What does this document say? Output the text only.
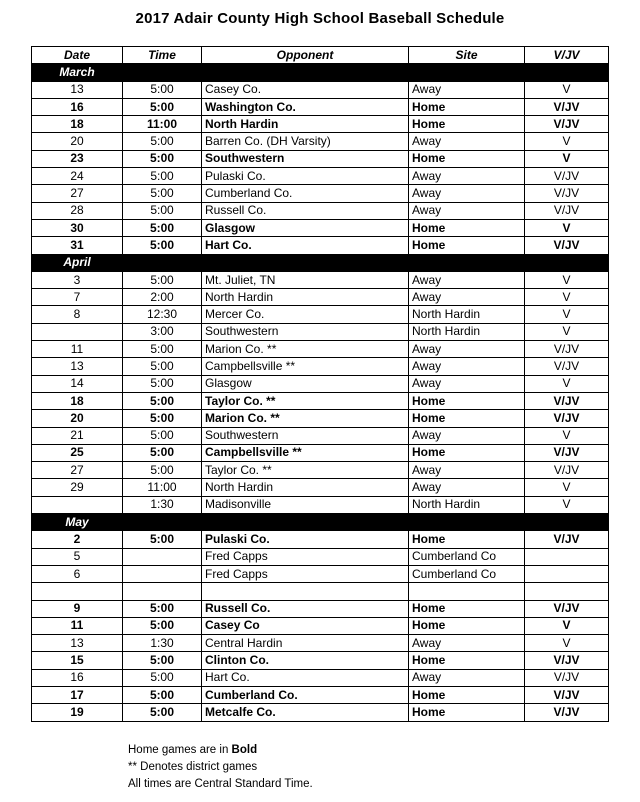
2017 Adair County High School Baseball Schedule
Date	Time	Opponent	Site	V/JV
March				
13	5:00	Casey Co.	Away	V
16	5:00	Washington Co.	Home	V/JV
18	11:00	North Hardin	Home	V/JV
20	5:00	Barren Co. (DH Varsity)	Away	V
23	5:00	Southwestern	Home	V
24	5:00	Pulaski Co.	Away	V/JV
27	5:00	Cumberland Co.	Away	V/JV
28	5:00	Russell Co.	Away	V/JV
30	5:00	Glasgow	Home	V
31	5:00	Hart Co.	Home	V/JV
April				
3	5:00	Mt. Juliet, TN	Away	V
7	2:00	North Hardin	Away	V
8	12:30	Mercer Co.	North Hardin	V
	3:00	Southwestern	North Hardin	V
11	5:00	Marion Co. **	Away	V/JV
13	5:00	Campbellsville **	Away	V/JV
14	5:00	Glasgow	Away	V
18	5:00	Taylor Co. **	Home	V/JV
20	5:00	Marion Co. **	Home	V/JV
21	5:00	Southwestern	Away	V
25	5:00	Campbellsville **	Home	V/JV
27	5:00	Taylor Co. **	Away	V/JV
29	11:00	North Hardin	Away	V
	1:30	Madisonville	North Hardin	V
May				
2	5:00	Pulaski Co.	Home	V/JV
5		Fred Capps	Cumberland Co	
6		Fred Capps	Cumberland Co	

9	5:00	Russell Co.	Home	V/JV
11	5:00	Casey Co	Home	V
13	1:30	Central Hardin	Away	V
15	5:00	Clinton Co.	Home	V/JV
16	5:00	Hart Co.	Away	V/JV
17	5:00	Cumberland Co.	Home	V/JV
19	5:00	Metcalfe Co.	Home	V/JV
Home games are in Bold
** Denotes district games
All times are Central Standard Time.
